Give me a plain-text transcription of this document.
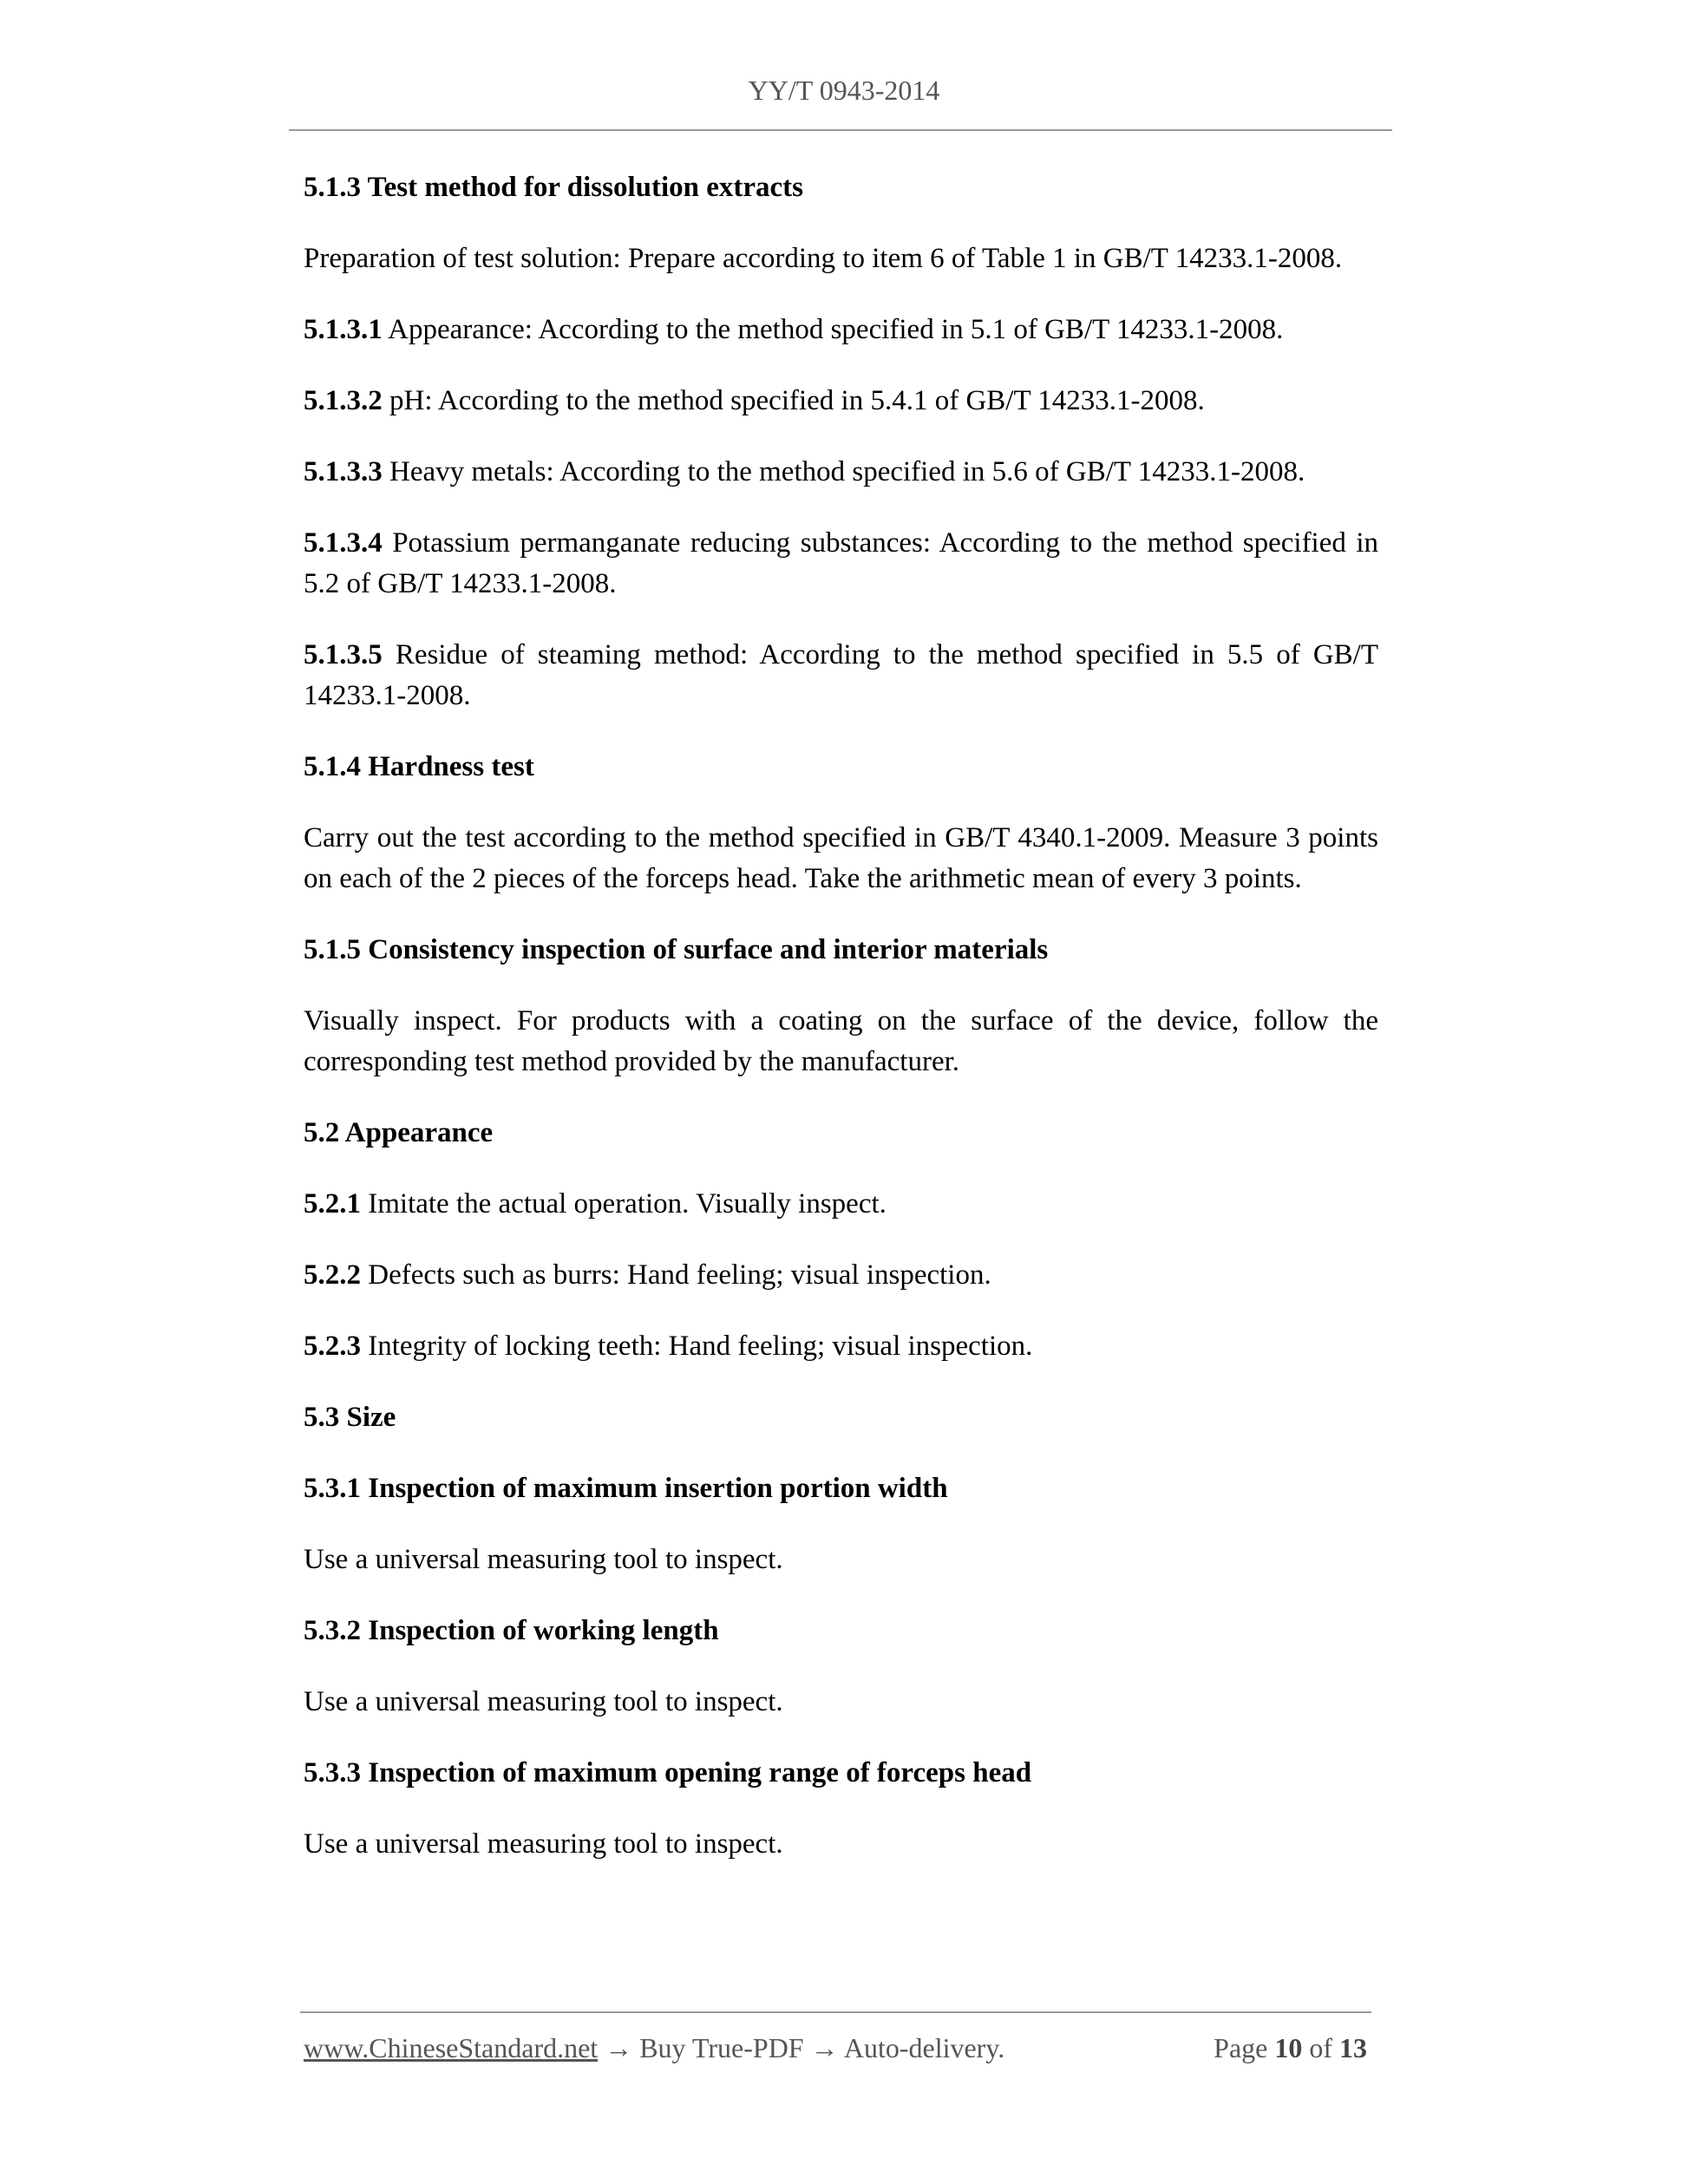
YY/T 0943-2014

5.1.3 Test method for dissolution extracts

Preparation of test solution: Prepare according to item 6 of Table 1 in GB/T 14233.1-2008.

5.1.3.1 Appearance: According to the method specified in 5.1 of GB/T 14233.1-2008.

5.1.3.2 pH: According to the method specified in 5.4.1 of GB/T 14233.1-2008.

5.1.3.3 Heavy metals: According to the method specified in 5.6 of GB/T 14233.1-2008.

5.1.3.4 Potassium permanganate reducing substances: According to the method specified in 5.2 of GB/T 14233.1-2008.

5.1.3.5 Residue of steaming method: According to the method specified in 5.5 of GB/T 14233.1-2008.

5.1.4 Hardness test

Carry out the test according to the method specified in GB/T 4340.1-2009. Measure 3 points on each of the 2 pieces of the forceps head. Take the arithmetic mean of every 3 points.

5.1.5 Consistency inspection of surface and interior materials

Visually inspect. For products with a coating on the surface of the device, follow the corresponding test method provided by the manufacturer.

5.2 Appearance

5.2.1 Imitate the actual operation. Visually inspect.

5.2.2 Defects such as burrs: Hand feeling; visual inspection.

5.2.3 Integrity of locking teeth: Hand feeling; visual inspection.

5.3 Size

5.3.1 Inspection of maximum insertion portion width

Use a universal measuring tool to inspect.

5.3.2 Inspection of working length

Use a universal measuring tool to inspect.

5.3.3 Inspection of maximum opening range of forceps head

Use a universal measuring tool to inspect.

www.ChineseStandard.net → Buy True-PDF → Auto-delivery.	Page 10 of 13
